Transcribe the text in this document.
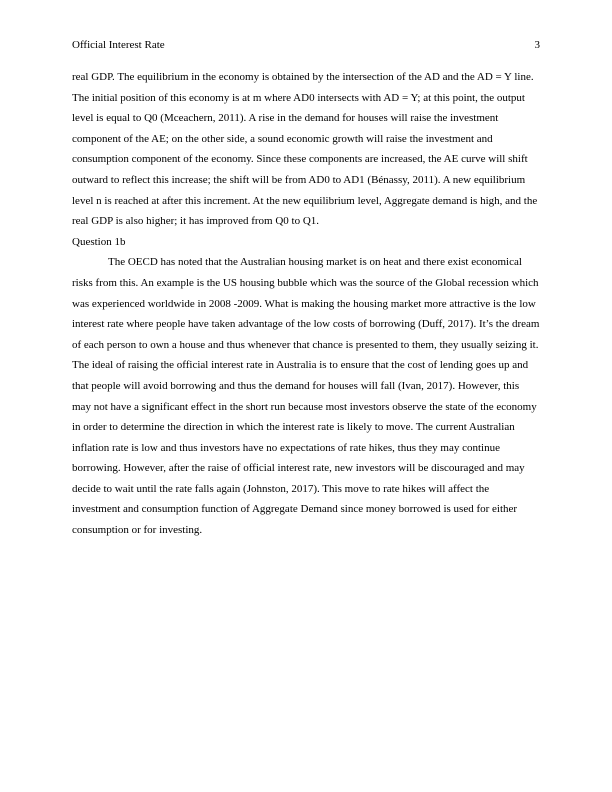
Official Interest Rate	3

real GDP. The equilibrium in the economy is obtained by the intersection of the AD and the AD = Y line. The initial position of this economy is at m where AD0 intersects with AD = Y; at this point, the output level is equal to Q0 (Mceachern, 2011). A rise in the demand for houses will raise the investment component of the AE; on the other side, a sound economic growth will raise the investment and consumption component of the economy. Since these components are increased, the AE curve will shift outward to reflect this increase; the shift will be from AD0 to AD1 (Bénassy, 2011). A new equilibrium level n is reached at after this increment. At the new equilibrium level, Aggregate demand is high, and the real GDP is also higher; it has improved from Q0 to Q1.

Question 1b

The OECD has noted that the Australian housing market is on heat and there exist economical risks from this. An example is the US housing bubble which was the source of the Global recession which was experienced worldwide in 2008 -2009. What is making the housing market more attractive is the low interest rate where people have taken advantage of the low costs of borrowing (Duff, 2017). It’s the dream of each person to own a house and thus whenever that chance is presented to them, they usually seizing it. The ideal of raising the official interest rate in Australia is to ensure that the cost of lending goes up and that people will avoid borrowing and thus the demand for houses will fall (Ivan, 2017). However, this may not have a significant effect in the short run because most investors observe the state of the economy in order to determine the direction in which the interest rate is likely to move. The current Australian inflation rate is low and thus investors have no expectations of rate hikes, thus they may continue borrowing. However, after the raise of official interest rate, new investors will be discouraged and may decide to wait until the rate falls again (Johnston, 2017). This move to rate hikes will affect the investment and consumption function of Aggregate Demand since money borrowed is used for either consumption or for investing.
